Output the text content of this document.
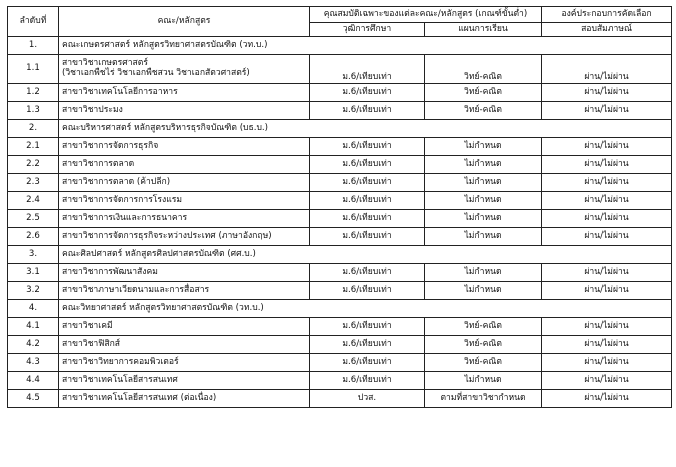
ลำดับที่	คณะ/หลักสูตร	คุณสมบัติเฉพาะของแต่ละคณะ/หลักสูตร (เกณฑ์ขั้นต่ำ)		องค์ประกอบการคัดเลือก
		วุฒิการศึกษา	แผนการเรียน	สอบสัมภาษณ์
1.	คณะเกษตรศาสตร์ หลักสูตรวิทยาศาสตรบัณฑิต (วท.บ.)			
1.1	สาขาวิชาเกษตรศาสตร์
(วิชาเอกพืชไร่ วิชาเอกพืชสวน วิชาเอกสัตวศาสตร์)	ม.6/เทียบเท่า	วิทย์-คณิต	ผ่าน/ไม่ผ่าน
1.2	สาขาวิชาเทคโนโลยีการอาหาร	ม.6/เทียบเท่า	วิทย์-คณิต	ผ่าน/ไม่ผ่าน
1.3	สาขาวิชาประมง	ม.6/เทียบเท่า	วิทย์-คณิต	ผ่าน/ไม่ผ่าน
2.	คณะบริหารศาสตร์ หลักสูตรบริหารธุรกิจบัณฑิต (บธ.บ.)			
2.1	สาขาวิชาการจัดการธุรกิจ	ม.6/เทียบเท่า	ไม่กำหนด	ผ่าน/ไม่ผ่าน
2.2	สาขาวิชาการตลาด	ม.6/เทียบเท่า	ไม่กำหนด	ผ่าน/ไม่ผ่าน
2.3	สาขาวิชาการตลาด (ค้าปลีก)	ม.6/เทียบเท่า	ไม่กำหนด	ผ่าน/ไม่ผ่าน
2.4	สาขาวิชาการจัดการการโรงแรม	ม.6/เทียบเท่า	ไม่กำหนด	ผ่าน/ไม่ผ่าน
2.5	สาขาวิชาการเงินและการธนาคาร	ม.6/เทียบเท่า	ไม่กำหนด	ผ่าน/ไม่ผ่าน
2.6	สาขาวิชาการจัดการธุรกิจระหว่างประเทศ (ภาษาอังกฤษ)	ม.6/เทียบเท่า	ไม่กำหนด	ผ่าน/ไม่ผ่าน
3.	คณะศิลปศาสตร์ หลักสูตรศิลปศาสตรบัณฑิต (ศศ.บ.)			
3.1	สาขาวิชาการพัฒนาสังคม	ม.6/เทียบเท่า	ไม่กำหนด	ผ่าน/ไม่ผ่าน
3.2	สาขาวิชาภาษาเวียดนามและการสื่อสาร	ม.6/เทียบเท่า	ไม่กำหนด	ผ่าน/ไม่ผ่าน
4.	คณะวิทยาศาสตร์ หลักสูตรวิทยาศาสตรบัณฑิต (วท.บ.)			
4.1	สาขาวิชาเคมี	ม.6/เทียบเท่า	วิทย์-คณิต	ผ่าน/ไม่ผ่าน
4.2	สาขาวิชาฟิสิกส์	ม.6/เทียบเท่า	วิทย์-คณิต	ผ่าน/ไม่ผ่าน
4.3	สาขาวิชาวิทยาการคอมพิวเตอร์	ม.6/เทียบเท่า	วิทย์-คณิต	ผ่าน/ไม่ผ่าน
4.4	สาขาวิชาเทคโนโลยีสารสนเทศ	ม.6/เทียบเท่า	ไม่กำหนด	ผ่าน/ไม่ผ่าน
4.5	สาขาวิชาเทคโนโลยีสารสนเทศ (ต่อเนื่อง)	ปวส.	ตามที่สาขาวิชากำหนด	ผ่าน/ไม่ผ่าน
